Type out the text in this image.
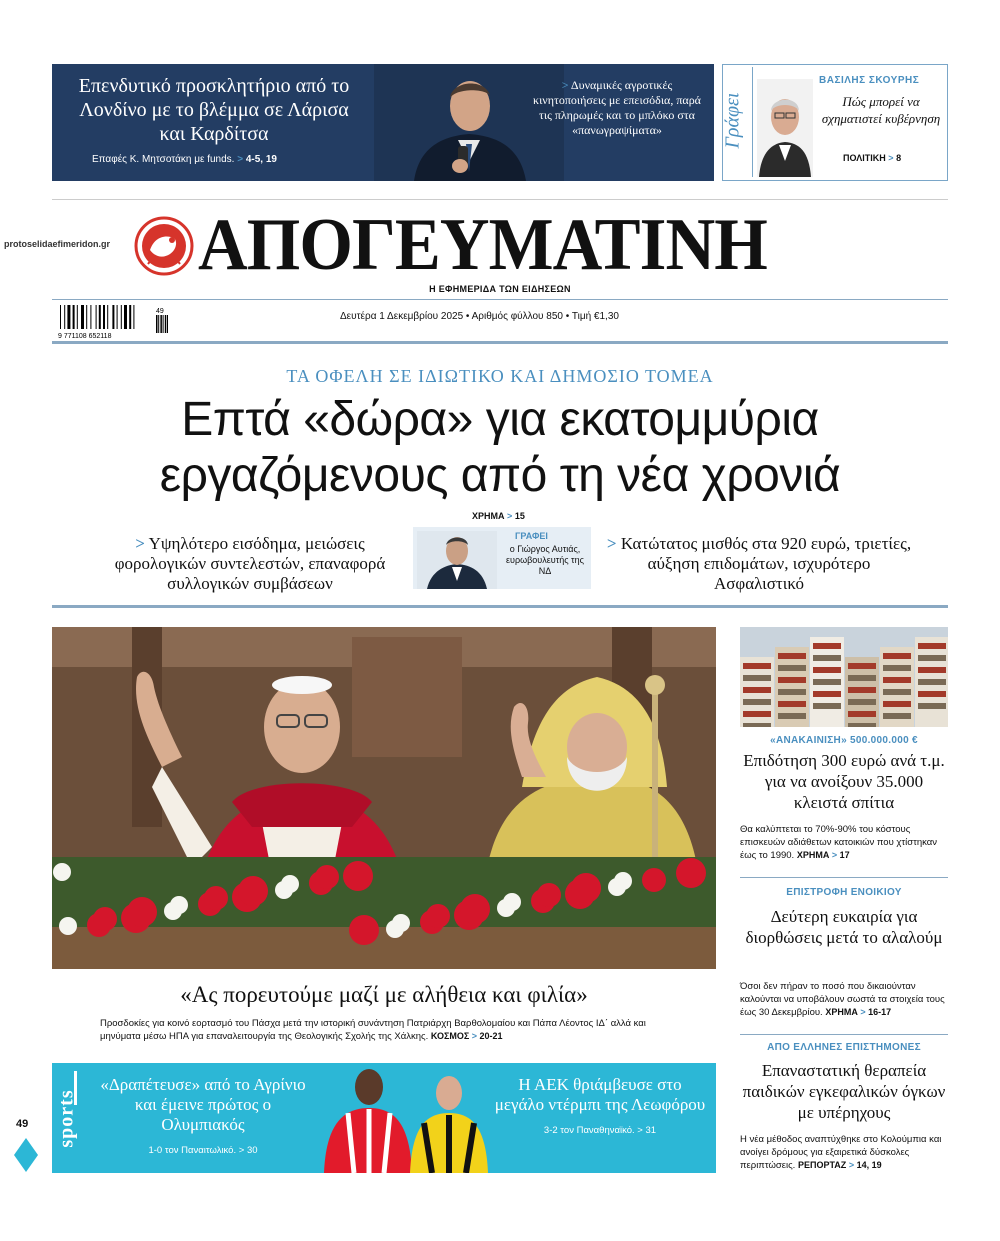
Επενδυτικό προσκλητήριο από το Λονδίνο με το βλέμμα σε Λάρισα και Καρδίτσα
Επαφές Κ. Μητσοτάκη με funds. > 4-5, 19
> Δυναμικές αγροτικές κινητοποιήσεις με επεισόδια, παρά τις πληρωμές και το μπλόκο στα «πανωγραψίματα»	Γράφει
ΒΑΣΙΛΗΣ ΣΚΟΥΡΗΣ
Πώς μπορεί να σχηματιστεί κυβέρνηση
ΠΟΛΙΤΙΚΗ > 8
protoselidaefimeridon.gr ΑΠΟΓΕΥΜΑΤΙΝΗ
Η ΕΦΗΜΕΡΙΔΑ ΤΩΝ ΕΙΔΗΣΕΩΝ
9 771108 652118
49	Δευτέρα 1 Δεκεμβρίου 2025 • Αριθμός φύλλου 850 • Τιμή €1,30
ΤΑ ΟΦΕΛΗ ΣΕ ΙΔΙΩΤΙΚΟ ΚΑΙ ΔΗΜΟΣΙΟ ΤΟΜΕΑ
Επτά «δώρα» για εκατομμύρια εργαζόμενους από τη νέα χρονιά
ΧΡΗΜΑ > 15
> Υψηλότερο εισόδημα, μειώσεις φορολογικών συντελεστών, επαναφορά συλλογικών συμβάσεων
ΓΡΑΦΕΙ
ο Γιώργος Αυτιάς, ευρωβουλευτής της ΝΔ
> Κατώτατος μισθός στα 920 ευρώ, τριετίες, αύξηση επιδομάτων, ισχυρότερο Ασφαλιστικό
«Ας πορευτούμε μαζί με αλήθεια και φιλία»
Προσδοκίες για κοινό εορτασμό του Πάσχα μετά την ιστορική συνάντηση Πατριάρχη Βαρθολομαίου και Πάπα Λέοντος ΙΔ΄ αλλά και μηνύματα μέσω ΗΠΑ για επαναλειτουργία της Θεολογικής Σχολής της Χάλκης. ΚΟΣΜΟΣ > 20-21
sports
«Δραπέτευσε» από το Αγρίνιο και έμεινε πρώτος ο Ολυμπιακός
1-0 τον Παναιτωλικό. > 30
Η ΑΕΚ θριάμβευσε στο μεγάλο ντέρμπι της Λεωφόρου
3-2 τον Παναθηναϊκό. > 31
49
«ΑΝΑΚΑΙΝΙΣΗ» 500.000.000 €
Επιδότηση 300 ευρώ ανά τ.μ. για να ανοίξουν 35.000 κλειστά σπίτια
Θα καλύπτεται το 70%-90% του κόστους επισκευών αδιάθετων κατοικιών που χτίστηκαν έως το 1990. ΧΡΗΜΑ > 17
ΕΠΙΣΤΡΟΦΗ ΕΝΟΙΚΙΟΥ
Δεύτερη ευκαιρία για διορθώσεις μετά το αλαλούμ
Όσοι δεν πήραν το ποσό που δικαιούνταν καλούνται να υποβάλουν σωστά τα στοιχεία τους έως 30 Δεκεμβρίου. ΧΡΗΜΑ > 16-17
ΑΠΟ ΕΛΛΗΝΕΣ ΕΠΙΣΤΗΜΟΝΕΣ
Επαναστατική θεραπεία παιδικών εγκεφαλικών όγκων με υπέρηχους
Η νέα μέθοδος αναπτύχθηκε στο Κολούμπια και ανοίγει δρόμους για εξαιρετικά δύσκολες περιπτώσεις. ΡΕΠΟΡΤΑΖ > 14, 19
